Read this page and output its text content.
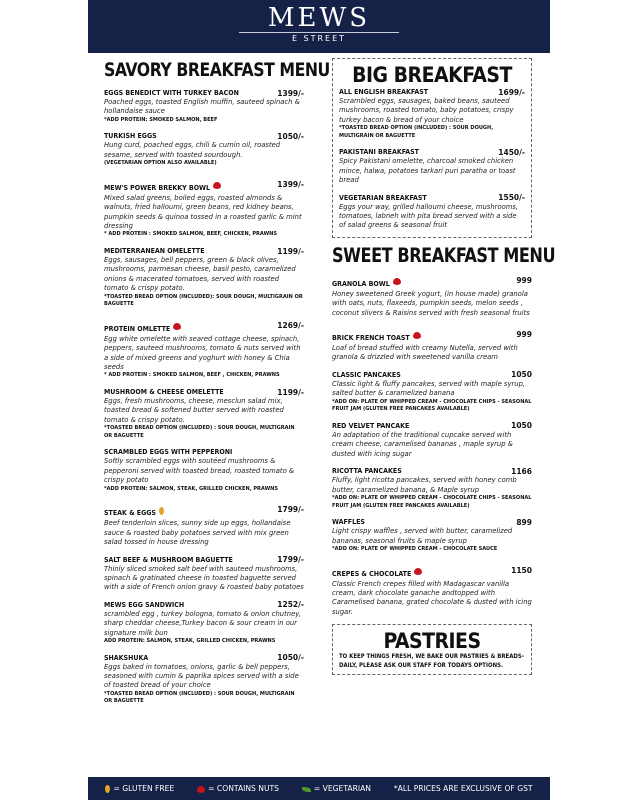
MEWS
E STREET
SAVORY BREAKFAST MENU
EGGS BENEDICT WITH TURKEY BACON	1399/-
Poached eggs, toasted English muffin, sauteed spinach & hollandaise sauce
*ADD PROTEIN: SMOKED SALMON, BEEF
TURKISH EGGS	1050/-
Hung curd, poached eggs, chili & cumin oil, roasted sesame, served with toasted sourdough.
(VEGETARIAN OPTION ALSO AVAILABLE)
MEW'S POWER BREKKY BOWL	1399/-
Mixed salad greens, boiled eggs, roasted almonds & walnuts, fried halloumi, green beans, red kidney beans, pumpkin seeds & quinoa tossed in a roasted garlic & mint dressing
* ADD PROTEIN : SMOKED SALMON, BEEF, CHICKEN, PRAWNS
MEDITERRANEAN OMELETTE	1199/-
Eggs, sausages, bell peppers, green & black olives, mushrooms, parmesan cheese, basil pesto, caramelized onions & macerated tomatoes, served with roasted tomato & crispy potato.
*TOASTED BREAD OPTION (INCLUDED): SOUR DOUGH, MULTIGRAIN OR BAGUETTE
PROTEIN OMLETTE	1269/-
Egg white omelette with seared cottage cheese, spinach, peppers, sauteed mushrooms, tomato & nuts served with a side of mixed greens and yoghurt with honey & Chia seeds
* ADD PROTEIN : SMOKED SALMON, BEEF , CHICKEN, PRAWNS
MUSHROOM & CHEESE OMELETTE	1199/-
Eggs, fresh mushrooms, cheese, mesclun salad mix, toasted bread & softened butter served with roasted tomato & crispy potato.
*TOASTED BREAD OPTION (INCLUDED) : SOUR DOUGH, MULTIGRAIN OR BAGUETTE
SCRAMBLED EGGS WITH PEPPERONI
Softly scrambled eggs with soutéed mushrooms & pepperoni served with toasted bread, roasted tomato & crispy potato
*ADD PROTEIN: SALMON, STEAK, GRILLED CHICKEN, PRAWNS
STEAK & EGGS	1799/-
Beef tenderloin slices, sunny side up eggs, hollandaise sauce & roasted baby potatoes served with mix green salad tossed in house dressing
SALT BEEF & MUSHROOM BAGUETTE	1799/-
Thinly sliced smoked salt beef with sauteed mushrooms, spinach & gratinated cheese in toasted baguette served with a side of French onion gravy & roasted baby potatoes
MEWS EGG SANDWICH	1252/-
scrambled egg , turkey bologna, tomato & onion chutney, sharp cheddar cheese,Turkey bacon & sour cream in our signature milk bun
ADD PROTEIN: SALMON, STEAK, GRILLED CHICKEN, PRAWNS
SHAKSHUKA	1050/-
Eggs baked in tomatoes, onions, garlic & bell peppers, seasoned with cumin & paprika spices served with a side of toasted bread of your choice
*TOASTED BREAD OPTION (INCLUDED) : SOUR DOUGH, MULTIGRAIN OR BAGUETTE
BIG BREAKFAST
ALL ENGLISH BREAKFAST	1699/-
Scrambled eggs, sausages, baked beans, sauteed mushrooms, roasted tomato, baby potatoes, crispy turkey bacon & bread of your choice
*TOASTED BREAD OPTION (INCLUDED) : SOUR DOUGH, MULTIGRAIN OR BAGUETTE
PAKISTANI BREAKFAST	1450/-
Spicy Pakistani omelette, charcoal smoked chicken mince, halwa, potatoes tarkari puri paratha or toast bread
VEGETARIAN BREAKFAST	1550/-
Eggs your way, grilled halloumi cheese, mushrooms, tomatoes, labneh with pita bread served with a side of salad greens & seasonal fruit
SWEET BREAKFAST MENU
GRANOLA BOWL	999
Honey sweetened Greek yogurt, (in house made) granola with oats, nuts, flaxeeds, pumpkin seeds, melon seeds , coconut slivers & Raisins served with fresh seasonal fruits
BRICK FRENCH TOAST	999
Loaf of bread stuffed with creamy Nutella, served with granola & drizzled with sweetened vanilla cream
CLASSIC PANCAKES	1050
Classic light & fluffy pancakes, served with maple syrup, salted butter & caramelized banana
*ADD ON: PLATE OF WHIPPED CREAM - CHOCOLATE CHIPS - SEASONAL FRUIT JAM (GLUTEN FREE PANCAKES AVAILABLE)
RED VELVET PANCAKE	1050
An adaptation of the traditional cupcake served with cream cheese, caramelised bananas , maple syrup & dusted with icing sugar
RICOTTA PANCAKES	1166
Fluffy, light ricotta pancakes, served with honey comb butter, caramelized banana, & Maple syrup
*ADD ON: PLATE OF WHIPPED CREAM - CHOCOLATE CHIPS - SEASONAL FRUIT JAM (GLUTEN FREE PANCAKES AVAILABLE)
WAFFLES	899
Light crispy waffles , served with butter, caramelized bananas, seasonal fruits & maple syrup
*ADD ON: PLATE OF WHIPPED CREAM - CHOCOLATE SAUCE
CREPES & CHOCOLATE	1150
Classic French crepes filled with Madagascar vanilla cream, dark chocolate ganache andtopped with Caramelised banana, grated chocolate & dusted with icing sugar.
PASTRIES
TO KEEP THINGS FRESH, WE BAKE OUR PASTRIES & BREADS- DAILY, PLEASE ASK OUR STAFF FOR TODAYS OPTIONS.
= GLUTEN FREE	= CONTAINS NUTS	= VEGETARIAN	*ALL PRICES ARE EXCLUSIVE OF GST
